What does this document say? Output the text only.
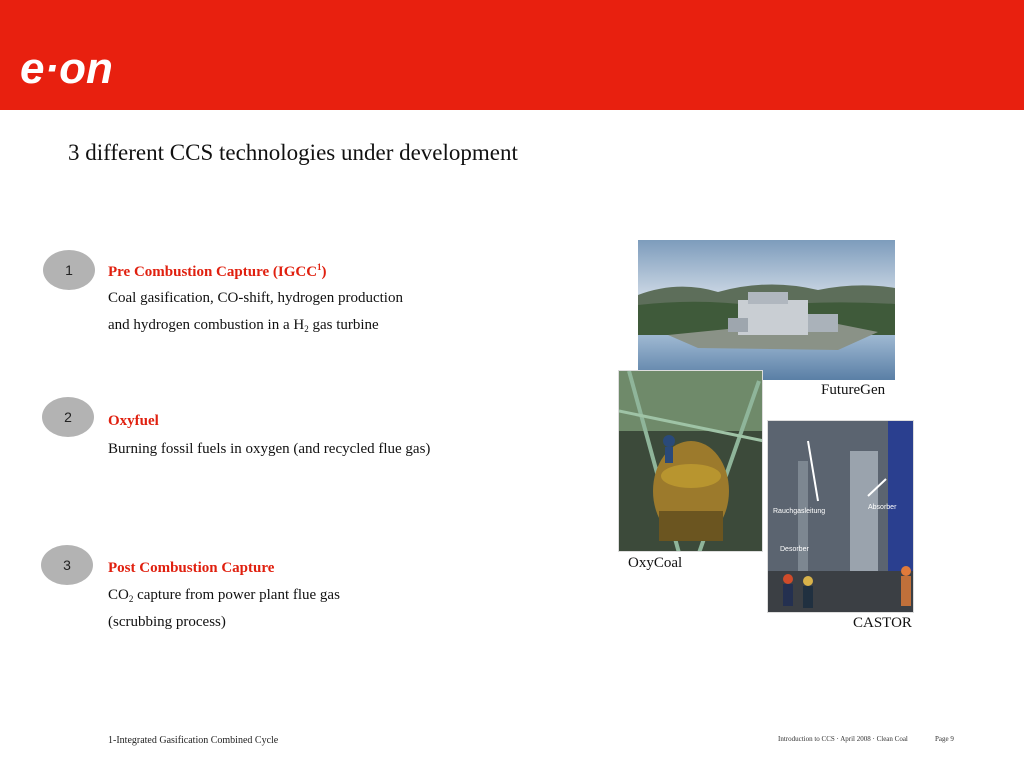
e·on
3 different CCS technologies under development
1	Pre Combustion Capture (IGCC$^1$)
Coal gasification, CO-shift, hydrogen production
and hydrogen combustion in a $H_2$ gas turbine
2	Oxyfuel
Burning fossil fuels in oxygen (and recycled flue gas)
3	Post Combustion Capture
$CO_2$ capture from power plant flue gas
(scrubbing process)
FutureGen
OxyCoal
Rauchgasleitung
Absorber
Desorber
CASTOR
1-Integrated Gasification Combined Cycle	Introduction to CCS · April 2008 · Clean Coal	Page 9
